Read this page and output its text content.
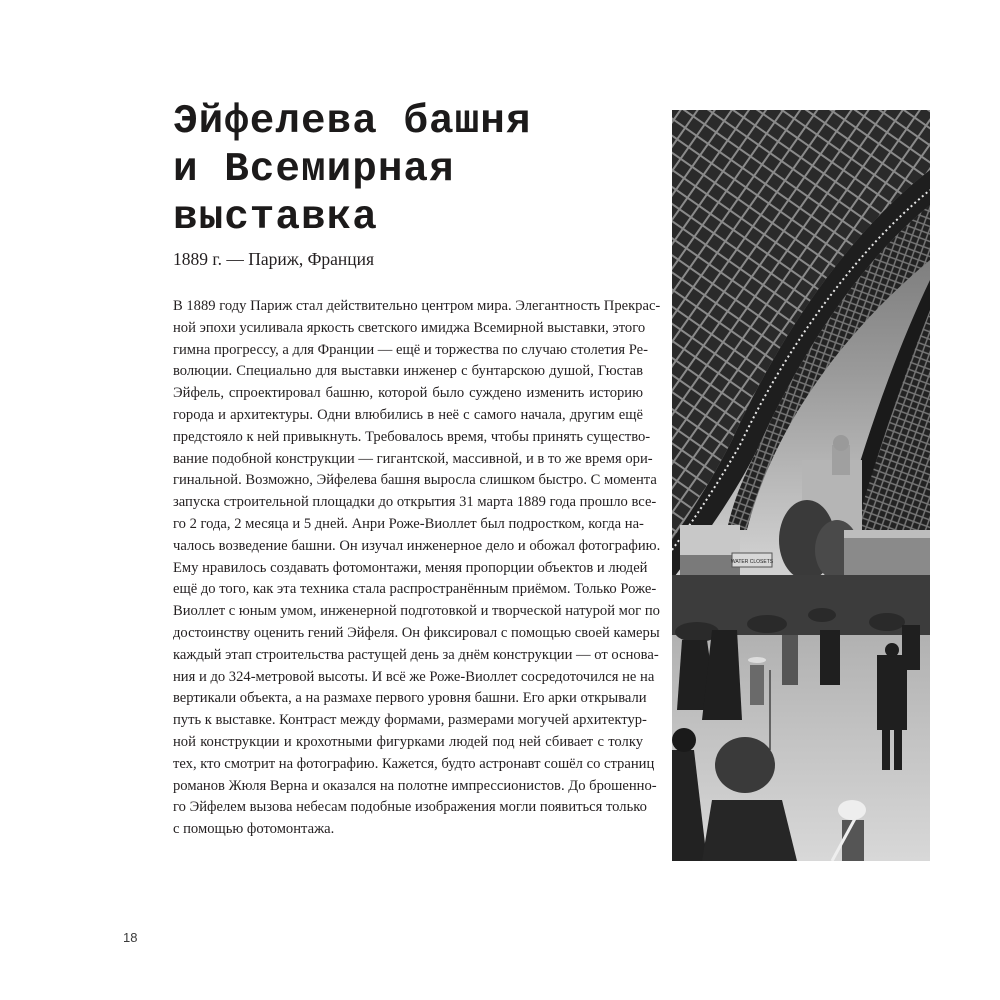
Эйфелева башня
и Всемирная
выставка

1889 г. — Париж, Франция

В 1889 году Париж стал действительно центром мира. Элегантность Прекрас-
ной эпохи усиливала яркость светского имиджа Всемирной выставки, этого
гимна прогрессу, а для Франции — ещё и торжества по случаю столетия Ре-
волюции. Специально для выставки инженер с бунтарскою душой, Гюстав
Эйфель, спроектировал башню, которой было суждено изменить историю
города и архитектуры. Одни влюбились в неё с самого начала, другим ещё
предстояло к ней привыкнуть. Требовалось время, чтобы принять существо-
вание подобной конструкции — гигантской, массивной, и в то же время ори-
гинальной. Возможно, Эйфелева башня выросла слишком быстро. С момента
запуска строительной площадки до открытия 31 марта 1889 года прошло все-
го 2 года, 2 месяца и 5 дней. Анри Роже-Виоллет был подростком, когда на-
чалось возведение башни. Он изучал инженерное дело и обожал фотографию.
Ему нравилось создавать фотомонтажи, меняя пропорции объектов и людей
ещё до того, как эта техника стала распространённым приёмом. Только Роже-
Виоллет с юным умом, инженерной подготовкой и творческой натурой мог по
достоинству оценить гений Эйфеля. Он фиксировал с помощью своей камеры
каждый этап строительства растущей день за днём конструкции — от основа-
ния и до 324-метровой высоты. И всё же Роже-Виоллет сосредоточился не на
вертикали объекта, а на размахе первого уровня башни. Его арки открывали
путь к выставке. Контраст между формами, размерами могучей архитектур-
ной конструкции и крохотными фигурками людей под ней сбивает с толку
тех, кто смотрит на фотографию. Кажется, будто астронавт сошёл со страниц
романов Жюля Верна и оказался на полотне импрессионистов. До брошенно-
го Эйфелем вызова небесам подобные изображения могли появиться только
с помощью фотомонтажа.
WATER CLOSETS
18
